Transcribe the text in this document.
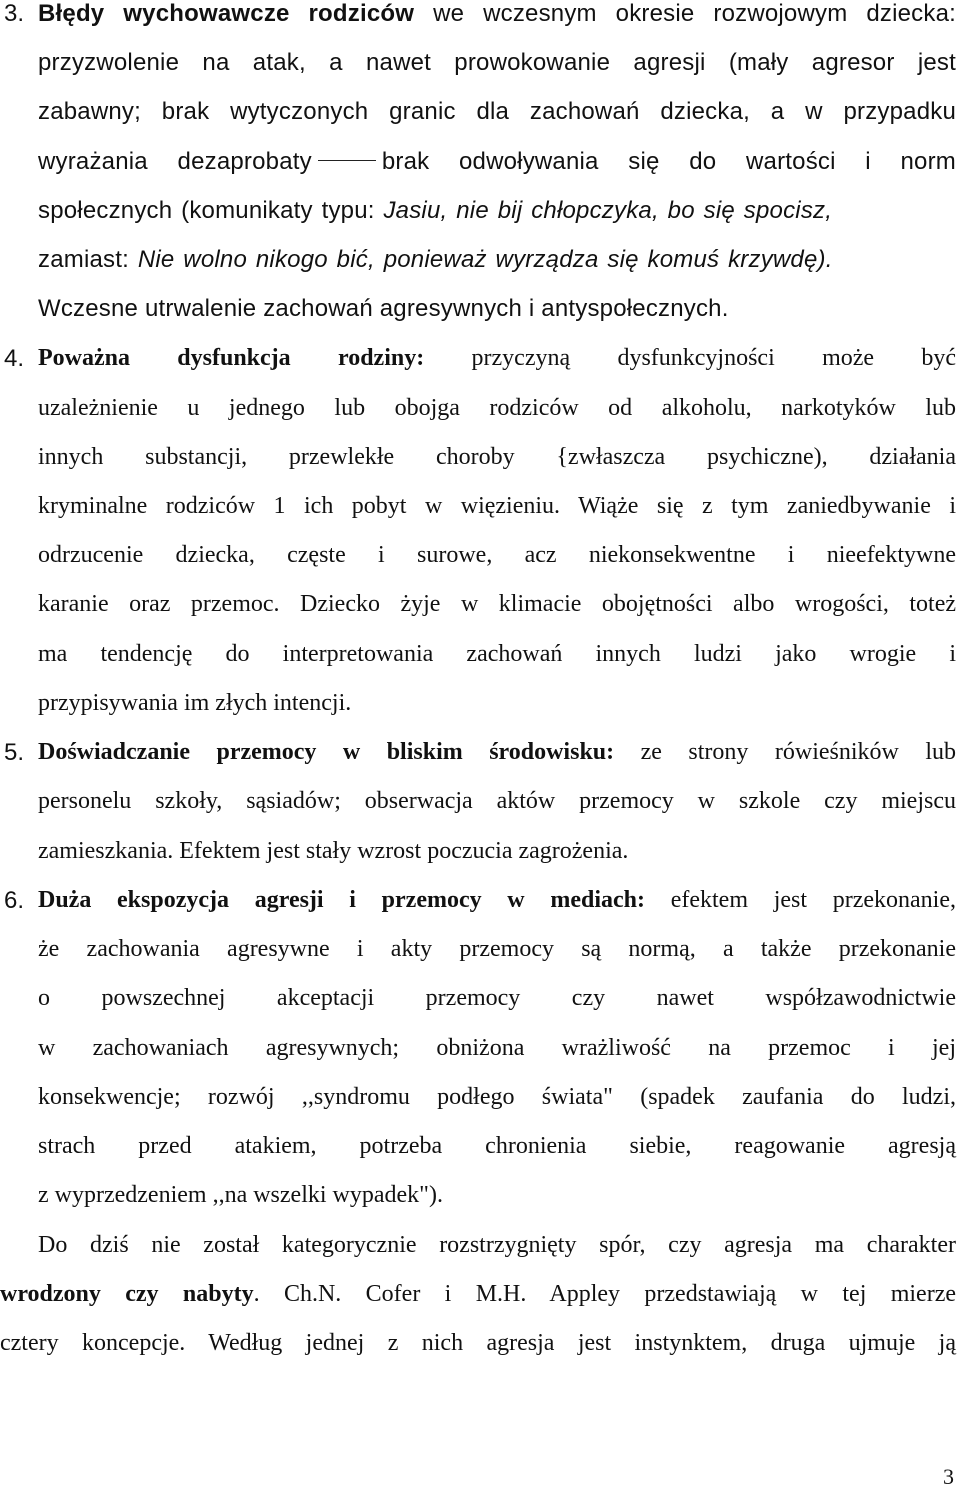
3. Błędy wychowawcze rodziców we wczesnym okresie rozwojowym dziecka:
przyzwolenie na atak, a nawet prowokowanie agresji (mały agresor jest
zabawny; brak wytyczonych granic dla zachowań dziecka, a w przypadku
wyrażania dezaprobaty	brak odwoływania się do wartości i norm
społecznych (komunikaty typu: Jasiu, nie bij chłopczyka, bo się spocisz,
zamiast: Nie wolno nikogo bić, ponieważ wyrządza się komuś krzywdę).
Wczesne utrwalenie zachowań agresywnych i antyspołecznych.
4. Poważna dysfunkcja rodziny: przyczyną dysfunkcyjności może być
uzależnienie u jednego lub obojga rodziców od alkoholu, narkotyków lub
innych substancji, przewlekłe choroby {zwłaszcza psychiczne), działania
kryminalne rodziców 1 ich pobyt w więzieniu. Wiąże się z tym zaniedbywanie i
odrzucenie dziecka, częste i surowe, acz niekonsekwentne i nieefektywne
karanie oraz przemoc. Dziecko żyje w klimacie obojętności albo wrogości, toteż
ma tendencję do interpretowania zachowań innych ludzi jako wrogie i
przypisywania im złych intencji.
5. Doświadczanie przemocy w bliskim środowisku: ze strony rówieśników lub
personelu szkoły, sąsiadów; obserwacja aktów przemocy w szkole czy miejscu
zamieszkania. Efektem jest stały wzrost poczucia zagrożenia.
6. Duża ekspozycja agresji i przemocy w mediach: efektem jest przekonanie,
że zachowania agresywne i akty przemocy są normą, a także przekonanie
o powszechnej akceptacji przemocy czy nawet współzawodnictwie
w zachowaniach agresywnych; obniżona wrażliwość na przemoc i jej
konsekwencje; rozwój ,,syndromu podłego świata" (spadek zaufania do ludzi,
strach przed atakiem, potrzeba chronienia siebie, reagowanie agresją
z wyprzedzeniem ,,na wszelki wypadek").
Do dziś nie został kategorycznie rozstrzygnięty spór, czy agresja ma charakter
wrodzony czy nabyty. Ch.N. Cofer i M.H. Appley przedstawiają w tej mierze
cztery koncepcje. Według jednej z nich agresja jest instynktem, druga ujmuje ją
3
